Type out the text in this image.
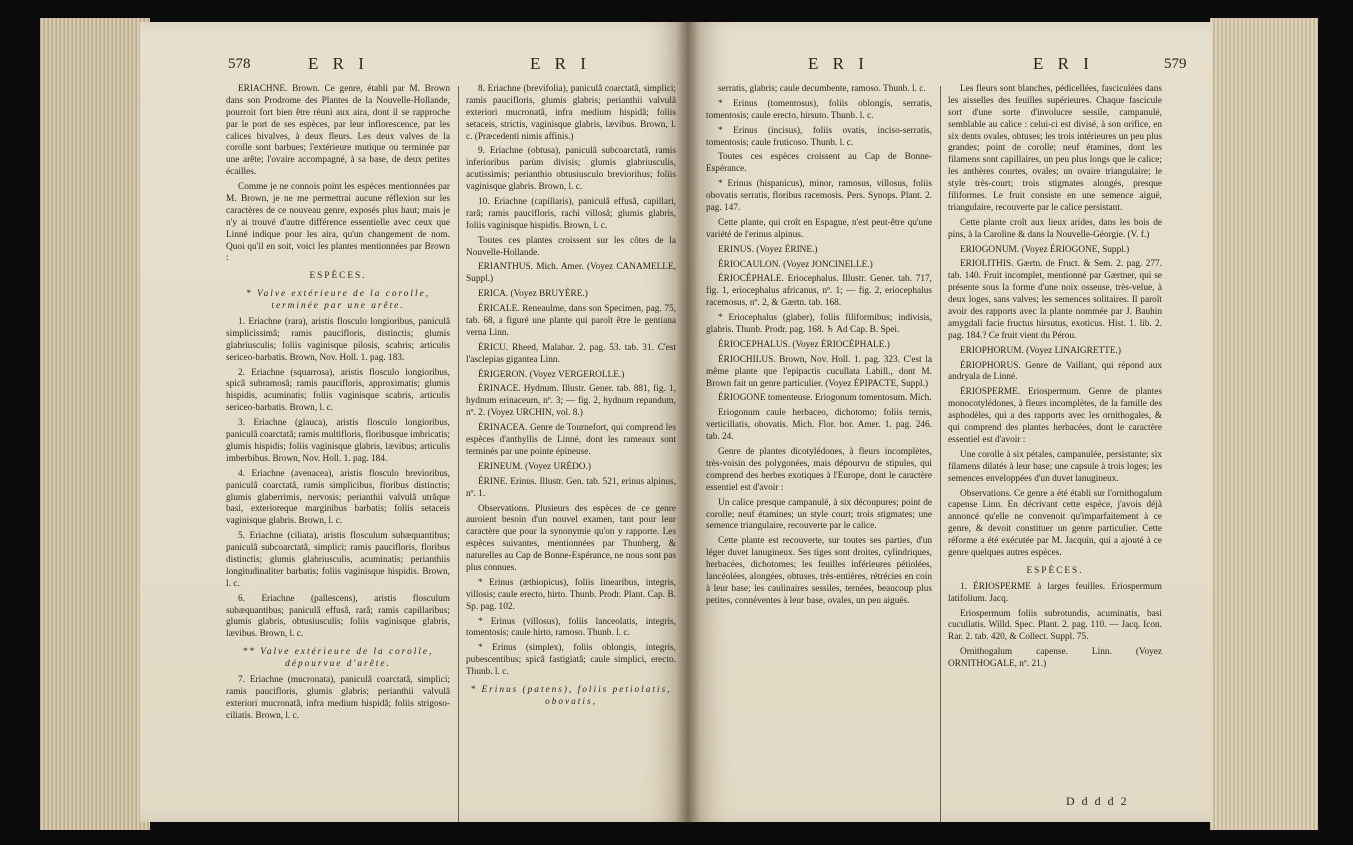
578	E R I	E R I

ERIACHNE. Brown. Ce genre, établi par M. Brown dans son Prodrome des Plantes de la Nouvelle-Hollande, pourroit fort bien être réuni aux aira, dont il se rapproche par le port de ses espèces, par leur inflorescence, par les calices bivalves, à deux fleurs. Les deux valves de la corolle sont barbues; l'extérieure mutique ou terminée par une arête; l'ovaire accompagné, à sa base, de deux petites écailles.

Comme je ne connois point les espèces mentionnées par M. Brown, je ne me permettrai aucune réflexion sur les caractères de ce nouveau genre, exposés plus haut; mais je n'y ai trouvé d'autre différence essentielle avec ceux que Linné indique pour les aira, qu'un changement de nom. Quoi qu'il en soit, voici les plantes mentionnées par Brown :

ESPÈCES.

* Valve extérieure de la corolle, terminée par une arête.

1. Eriachne (rara), aristis flosculo longioribus, paniculâ simplicissimâ; ramis paucifloris, distinctis; glumis glabriusculis; foliis vaginisque pilosis, scabris; articulis sericeo-barbatis. Brown, Nov. Holl. 1. pag. 183.

2. Eriachne (squarrosa), aristis flosculo longioribus, spicâ subramosâ; ramis paucifloris, approximatis; glumis hispidis, acuminatis; foliis vaginisque scabris, articulis sericeo-barbatis. Brown, l. c.

3. Eriachne (glauca), aristis flosculo longioribus, paniculâ coarctatâ; ramis multifloris, floribusque imbricatis; glumis hispidis; foliis vaginisque glabris, lævibus; articulis imberbibus. Brown, Nov. Holl. 1. pag. 184.

4. Eriachne (avenacea), aristis flosculo brevioribus, paniculâ coarctatâ, ramis simplicibus, floribus distinctis; glumis glaberrimis, nervosis; perianthii valvulâ utrâque basi, exterioreque marginibus barbatis; foliis setaceis vaginisque glabris. Brown, l. c.

5. Eriachne (ciliata), aristis flosculum subæquantibus; paniculâ subcoarctatâ, simplici; ramis paucifloris, floribus distinctis; glumis glabriusculis, acuminatis; perianthiis longitudinaliter barbatis; foliis vaginisque hispidis. Brown, l. c.

6. Eriachne (pallescens), aristis flosculum subæquantibus; paniculâ effusâ, rarâ; ramis capillaribus; glumis glabris, obtusiusculis; foliis vaginisque glabris, lævibus. Brown, l. c.

** Valve extérieure de la corolle, dépourvue d'arête.

7. Eriachne (mucronata), paniculâ coarctatâ, simplici; ramis paucifloris, glumis glabris; perianthii valvulâ exteriori mucronatâ, infra medium hispidâ; foliis strigoso-ciliatis. Brown, l. c.

8. Eriachne (brevifolia), paniculâ coarctatâ, simplici; ramis paucifloris, glumis glabris; perianthii valvulâ exteriori mucronatâ, infra medium hispidâ; foliis setaceis, strictis, vaginisque glabris, lævibus. Brown, l. c. (Præcedenti nimis affinis.)

9. Eriachne (obtusa), paniculâ subcoarctatâ, ramis inferioribus parùm divisis; glumis glabriusculis, acutissimis; perianthio obtusiusculo breviorihus; foliis vaginisque glabris. Brown, l. c.

10. Eriachne (capillaris), paniculâ effusâ, capillari, rarâ; ramis paucifloris, rachi villosâ; glumis glabris, foliis vaginisque hispidis. Brown, l. c.

Toutes ces plantes croissent sur les côtes de la Nouvelle-Hollande.

ERIANTHUS. Mich. Amer. (Voyez CANAMELLE, Suppl.)

ERICA. (Voyez BRUYÈRE.)

ÉRICALE. Reneaulme, dans son Specimen, pag. 75, tab. 68, a figuré une plante qui paroît être le gentiana verna Linn.

ÉRICU. Rheed, Malabar. 2. pag. 53. tab. 31. C'est l'asclepias gigantea Linn.

ÉRIGERON. (Voyez VERGEROLLE.)

ÉRINACE. Hydnum. Illustr. Gener. tab. 881, fig. 1, hydnum erinaceum, nº. 3; — fig. 2, hydnum repandum, nº. 2. (Voyez URCHIN, vol. 8.)

ÉRINACEA. Genre de Tournefort, qui comprend les espèces d'anthyllis de Linné, dont les rameaux sont terminés par une pointe épineuse.

ERINEUM. (Voyez URÉDO.)

ÉRINE. Erinus. Illustr. Gen. tab. 521, erinus alpinus, nº. 1.

Observations. Plusieurs des espèces de ce genre auroient besoin d'un nouvel examen, tant pour leur caractère que pour la synonymie qu'on y rapporte. Les espèces suivantes, mentionnées par Thunberg, & naturelles au Cap de Bonne-Espérance, ne nous sont pas plus connues.

* Erinus (æthiopicus), foliis linearibus, integris, villosis; caule erecto, hirto. Thunb. Prodr. Plant. Cap. B. Sp. pag. 102.

* Erinus (villosus), foliis lanceolatis, integris, tomentosis; caule hirto, ramoso. Thunb. l. c.

* Erinus (simplex), foliis oblongis, integris, pubescentibus; spicâ fastigiatâ; caule simplici, erecto. Thunb. l. c.

* Erinus (patens), foliis petiolatis, obovatis,

E R I	E R I	579

serratis, glabris; caule decumbente, ramoso. Thunb. l. c.

* Erinus (tomentosus), foliis oblongis, serratis, tomentosis; caule erecto, hirsuto. Thunb. l. c.

* Erinus (incisus), foliis ovatis, inciso-serratis, tomentosis; caule fruticoso. Thunb. l. c.

Toutes ces espèces croissent au Cap de Bonne-Espérance.

* Erinus (hispanicus), minor, ramosus, villosus, foliis obovatis serratis, floribus racemosis. Pers. Synops. Plant. 2. pag. 147.

Cette plante, qui croît en Espagne, n'est peut-être qu'une variété de l'erinus alpinus.

ERINUS. (Voyez ÉRINE.)

ÉRIOCAULON. (Voyez JONCINELLE.)

ÉRIOCÉPHALE. Eriocephalus. Illustr. Gener. tab. 717, fig. 1, eriocephalus africanus, nº. 1; — fig. 2, eriocephalus racemosus, nº. 2, & Gærtn. tab. 168.

* Eriocephalus (glaber), foliis filiformibus; indivisis, glabris. Thunb. Prodr. pag. 168. ♄ Ad Cap. B. Spei.

ÉRIOCEPHALUS. (Voyez ÉRIOCÉPHALE.)

ÉRIOCHILUS. Brown, Nov. Holl. 1. pag. 323. C'est la même plante que l'epipactis cucullata Labill., dont M. Brown fait un genre particulier. (Voyez ÉPIPACTE, Suppl.)

ÉRIOGONE tomenteuse. Eriogonum tomentosum. Mich.

Eriogonum caule herbaceo, dichotomo; foliis ternis, verticillatis, obovatis. Mich. Flor. bor. Amer. 1. pag. 246. tab. 24.

Genre de plantes dicotylédones, à fleurs incomplètes, très-voisin des polygonées, mais dépourvu de stipules, qui comprend des herbes exotiques à l'Europe, dont le caractère essentiel est d'avoir :

Un calice presque campanulé, à six découpures; point de corolle; neuf étamines; un style court; trois stigmates; une semence triangulaire, recouverte par le calice.

Cette plante est recouverte, sur toutes ses parties, d'un léger duvet lanugineux. Ses tiges sont droites, cylindriques, herbacées, dichotomes; les feuilles inférieures pétiolées, lancéolées, alongées, obtuses, très-entières, rétrécies en coin à leur base; les caulinaires sessiles, ternées, beaucoup plus petites, connéventes à leur base, ovales, un peu aiguës.

Les fleurs sont blanches, pédicellées, fasciculées dans les aisselles des feuilles supérieures. Chaque fascicule sort d'une sorte d'involucre sessile, campanulé, semblable au calice : celui-ci est divisé, à son orifice, en six dents ovales, obtuses; les trois intérieures un peu plus grandes; point de corolle; neuf étamines, dont les filamens sont capillaires, un peu plus longs que le calice; les anthères courtes, ovales; un ovaire triangulaire; le style très-court; trois stigmates alongés, presque filiformes. Le fruit consiste en une semence aiguë, triangulaire, recouverte par le calice persistant.

Cette plante croît aux lieux arides, dans les bois de pins, à la Caroline & dans la Nouvelle-Géorgie. (V. f.)

ERIOGONUM. (Voyez ÉRIOGONE, Suppl.)

ERIOLITHIS. Gærtn. de Fruct. & Sem. 2. pag. 277. tab. 140. Fruit incomplet, mentionné par Gærtner, qui se présente sous la forme d'une noix osseuse, très-velue, à deux loges, sans valves; les semences solitaires. Il paroît avoir des rapports avec la plante nommée par J. Bauhin amygdali facie fructus hirsutus, exoticus. Hist. 1. lib. 2. pag. 184.? Ce fruit vient du Pérou.

ERIOPHORUM. (Voyez LINAIGRETTE.)

ÉRIOPHORUS. Genre de Vaillant, qui répond aux andryala de Linné.

ÉRIOSPERME. Eriospermum. Genre de plantes monocotylédones, à fleurs incomplètes, de la famille des asphodèles, qui a des rapports avec les ornithogales, & qui comprend des plantes herbacées, dont le caractère essentiel est d'avoir :

Une corolle à six pétales, campanulée, persistante; six filamens dilatés à leur base; une capsule à trois loges; les semences enveloppées d'un duvet lanugineux.

Observations. Ce genre a été établi sur l'ornithogalum capense Linn. En décrivant cette espèce, j'avois déjà annoncé qu'elle ne convenoit qu'imparfaitement à ce genre, & devoit constituer un genre particulier. Cette réforme a été exécutée par M. Jacquin, qui a ajouté à ce genre quelques autres espèces.

ESPÈCES.

1. ÉRIOSPERME à larges feuilles. Eriospermum latifolium. Jacq.

Eriospermum foliis subrotundis, acuminatis, basi cucullatis. Willd. Spec. Plant. 2. pag. 110. — Jacq. Icon. Rar. 2. tab. 420, & Collect. Suppl. 75.

Ornithogalum capense. Linn. (Voyez ORNITHOGALE, nº. 21.)

D d d d 2
